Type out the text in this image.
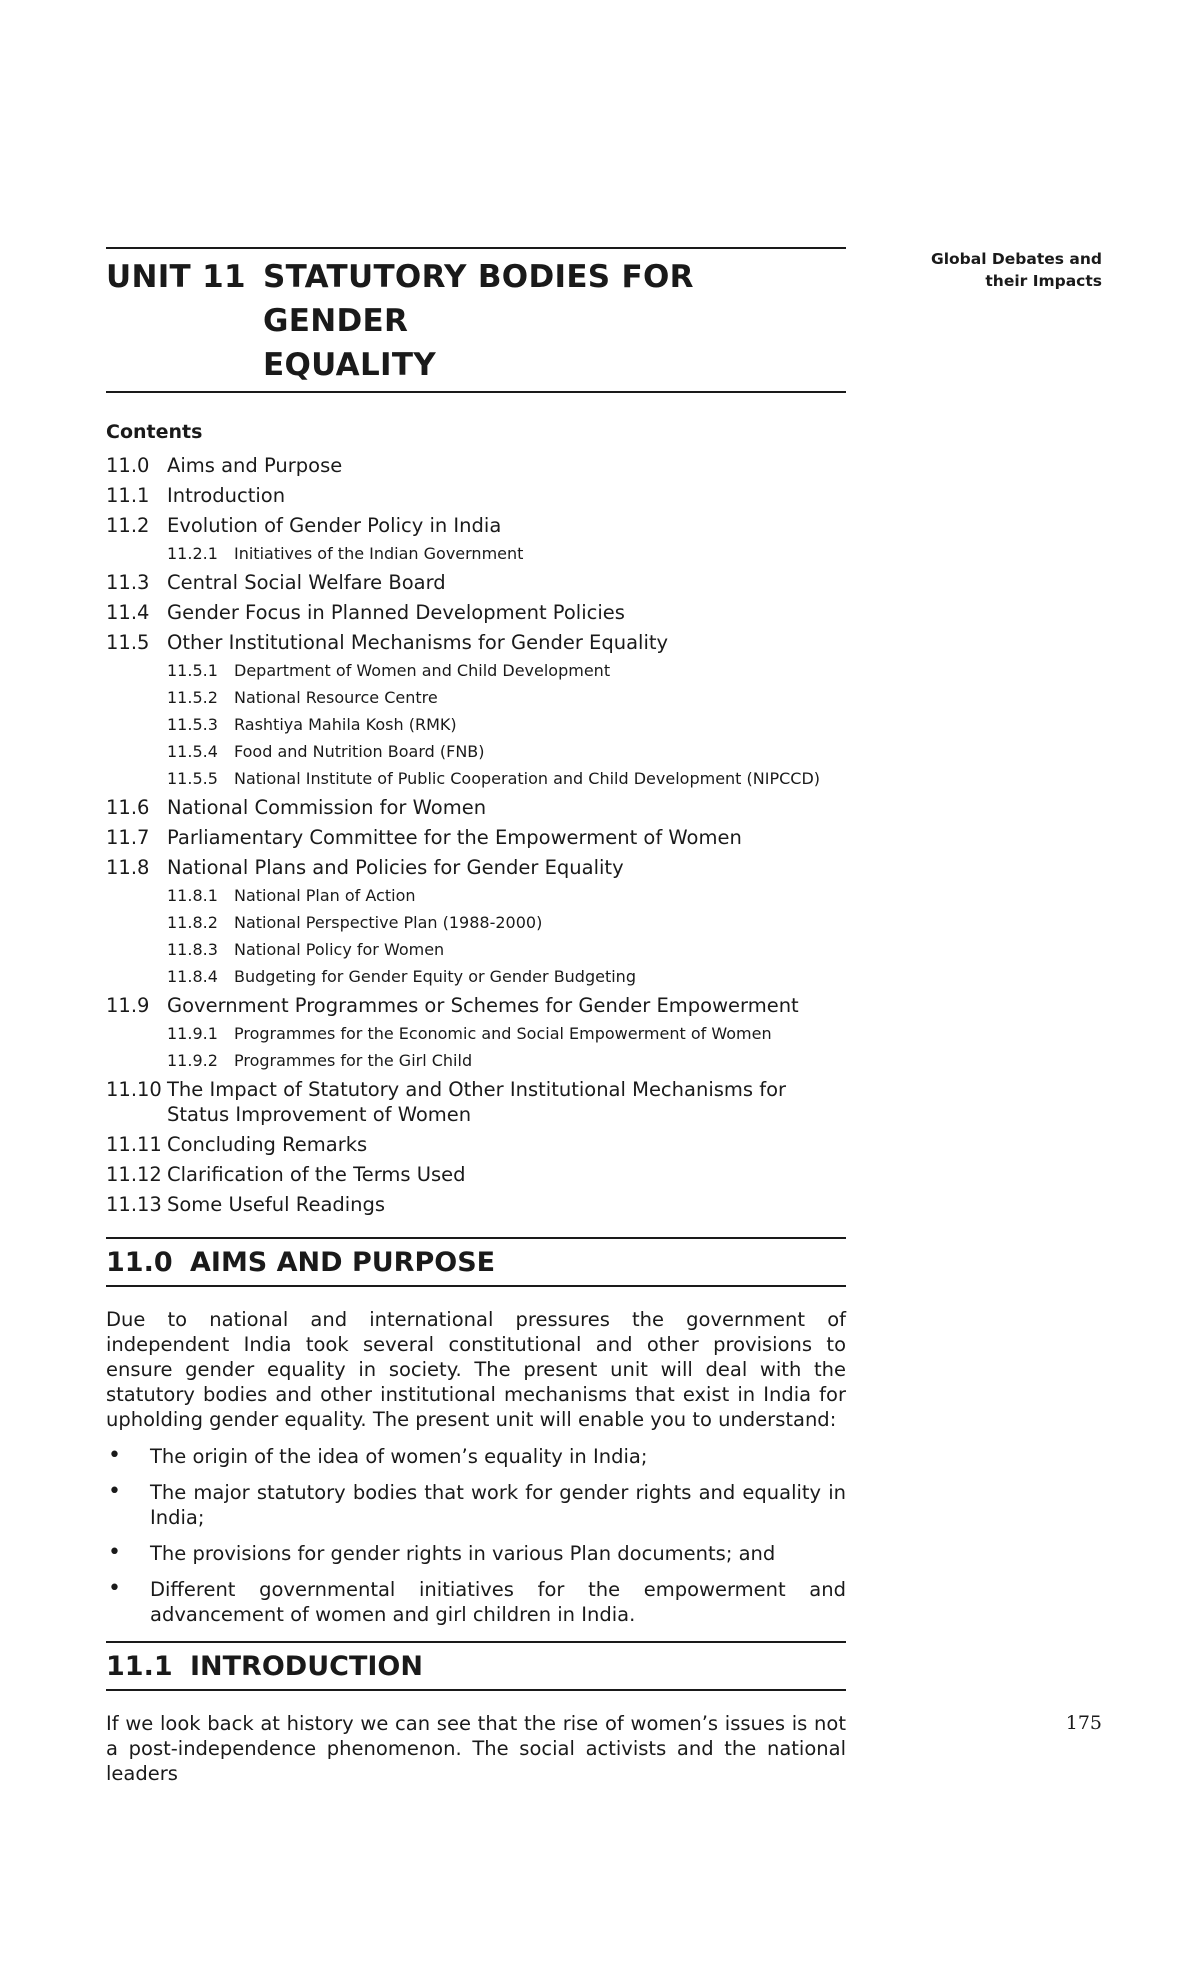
Global Debates and
their Impacts
UNIT 11 STATUTORY BODIES FOR GENDER
EQUALITY
Contents
11.0 Aims and Purpose
11.1 Introduction
11.2 Evolution of Gender Policy in India
11.2.1	Initiatives of the Indian Government
11.3 Central Social Welfare Board
11.4 Gender Focus in Planned Development Policies
11.5 Other Institutional Mechanisms for Gender Equality
11.5.1	Department of Women and Child Development
11.5.2	National Resource Centre
11.5.3	Rashtiya Mahila Kosh (RMK)
11.5.4	Food and Nutrition Board (FNB)
11.5.5	National Institute of Public Cooperation and Child Development (NIPCCD)
11.6 National Commission for Women
11.7 Parliamentary Committee for the Empowerment of Women
11.8 National Plans and Policies for Gender Equality
11.8.1	National Plan of Action
11.8.2	National Perspective Plan (1988-2000)
11.8.3	National Policy for Women
11.8.4	Budgeting for Gender Equity or Gender Budgeting
11.9 Government Programmes or Schemes for Gender Empowerment
11.9.1	Programmes for the Economic and Social Empowerment of Women
11.9.2	Programmes for the Girl Child
11.10 The Impact of Statutory and Other Institutional Mechanisms for Status Improvement of Women
11.11 Concluding Remarks
11.12 Clarification of the Terms Used
11.13 Some Useful Readings
11.0 AIMS AND PURPOSE

Due to national and international pressures the government of independent India took several constitutional and other provisions to ensure gender equality in society. The present unit will deal with the statutory bodies and other institutional mechanisms that exist in India for upholding gender equality. The present unit will enable you to understand:

•	The origin of the idea of women’s equality in India;
•	The major statutory bodies that work for gender rights and equality in India;
•	The provisions for gender rights in various Plan documents; and
•	Different governmental initiatives for the empowerment and advancement of women and girl children in India.
11.1 INTRODUCTION

If we look back at history we can see that the rise of women’s issues is not a post-independence phenomenon. The social activists and the national leaders

175
